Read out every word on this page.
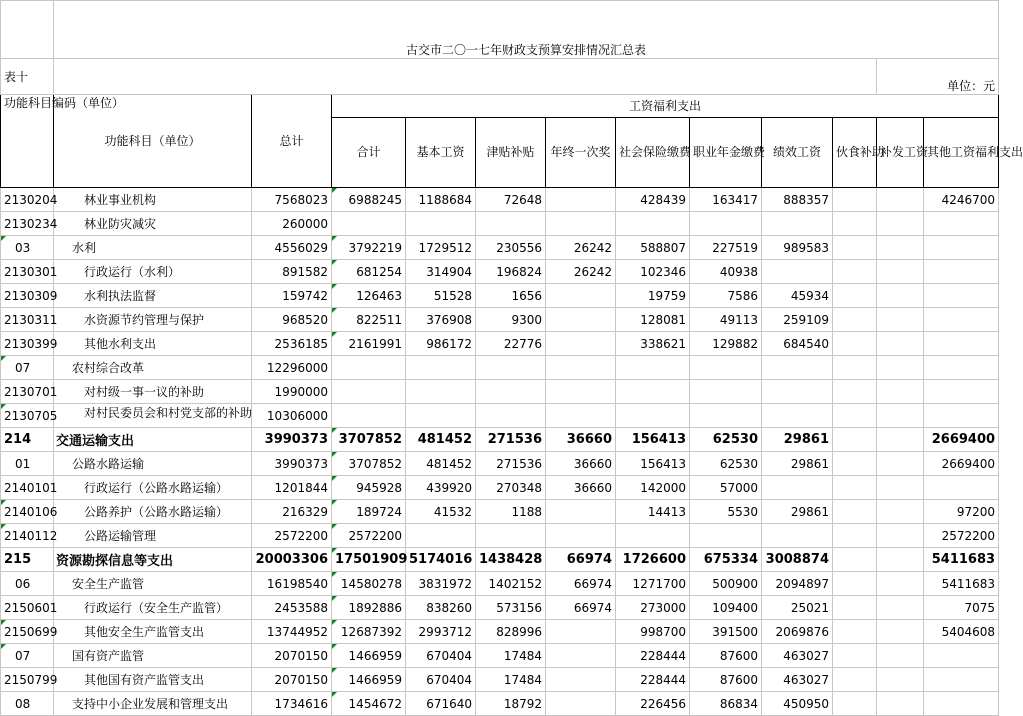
	古交市二〇一七年财政支预算安排情况汇总表											
表十											单位：元	
功能科目编码（单位）	功能科目（单位）	总计	工资福利支出									
			合计	基本工资	津贴补贴	年终一次奖	社会保险缴费	职业年金缴费	绩效工资	伙食补助	补发工资	其他工资福利支出
2130204	林业事业机构	7568023	6988245	1188684	72648		428439	163417	888357			4246700
2130234	林业防灾减灾	260000										
03	水利	4556029	3792219	1729512	230556	26242	588807	227519	989583			
2130301	行政运行（水利）	891582	681254	314904	196824	26242	102346	40938				
2130309	水利执法监督	159742	126463	51528	1656		19759	7586	45934			
2130311	水资源节约管理与保护	968520	822511	376908	9300		128081	49113	259109			
2130399	其他水利支出	2536185	2161991	986172	22776		338621	129882	684540			
07	农村综合改革	12296000										
2130701	对村级一事一议的补助	1990000										
2130705	对村民委员会和村党支部的补助	10306000										
214	交通运输支出	3990373	3707852	481452	271536	36660	156413	62530	29861			2669400
01	公路水路运输	3990373	3707852	481452	271536	36660	156413	62530	29861			2669400
2140101	行政运行（公路水路运输）	1201844	945928	439920	270348	36660	142000	57000				
2140106	公路养护（公路水路运输）	216329	189724	41532	1188		14413	5530	29861			97200
2140112	公路运输管理	2572200	2572200									2572200
215	资源勘探信息等支出	20003306	17501909	5174016	1438428	66974	1726600	675334	3008874			5411683
06	安全生产监管	16198540	14580278	3831972	1402152	66974	1271700	500900	2094897			5411683
2150601	行政运行（安全生产监管）	2453588	1892886	838260	573156	66974	273000	109400	25021			7075
2150699	其他安全生产监管支出	13744952	12687392	2993712	828996		998700	391500	2069876			5404608
07	国有资产监管	2070150	1466959	670404	17484		228444	87600	463027			
2150799	其他国有资产监管支出	2070150	1466959	670404	17484		228444	87600	463027			
08	支持中小企业发展和管理支出	1734616	1454672	671640	18792		226456	86834	450950			
